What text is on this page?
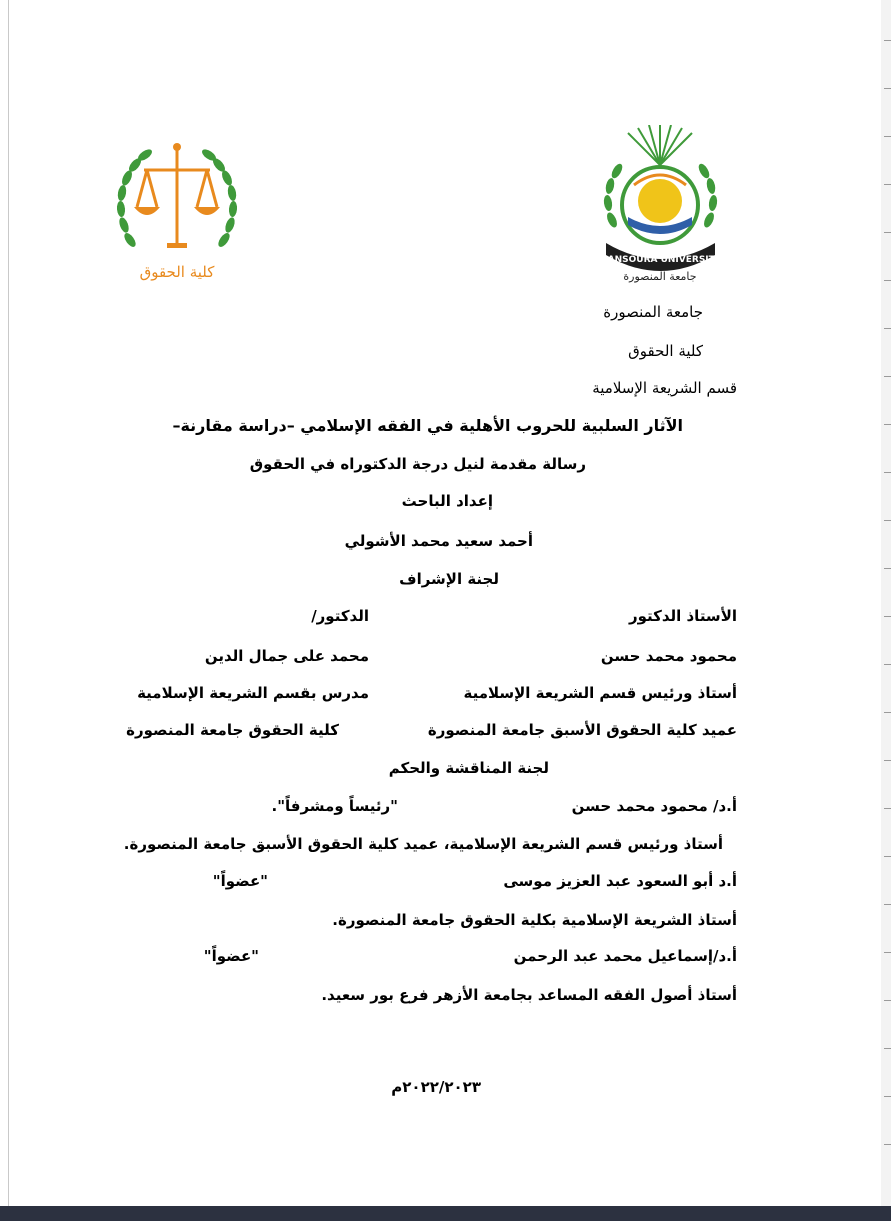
كلية الحقوق
MANSOURA UNIVERSITY
جامعة المنصورة
جامعة المنصورة
كلية الحقوق
قسم الشريعة الإسلامية
الآثار السلبية للحروب الأهلية في الفقه الإسلامي –دراسة مقارنة–
رسالة مقدمة لنيل درجة الدكتوراه في الحقوق
إعداد الباحث
أحمد سعيد محمد الأشولي
لجنة الإشراف
الأستاذ الدكتور
الدكتور/
محمود محمد حسن
محمد على جمال الدين
أستاذ ورئيس قسم الشريعة الإسلامية
مدرس بقسم الشريعة الإسلامية
عميد كلية الحقوق الأسبق جامعة المنصورة
كلية الحقوق جامعة المنصورة
لجنة المناقشة والحكم
أ.د/ محمود محمد حسن
"رئيساً ومشرفاً".
أستاذ ورئيس قسم الشريعة الإسلامية، عميد كلية الحقوق الأسبق جامعة المنصورة.
أ.د أبو السعود عبد العزيز موسى
"عضواً"
أستاذ الشريعة الإسلامية بكلية الحقوق جامعة المنصورة.
أ.د/إسماعيل محمد عبد الرحمن
"عضواً"
أستاذ أصول الفقه المساعد بجامعة الأزهر فرع بور سعيد.
٢٠٢٢/٢٠٢٣م
